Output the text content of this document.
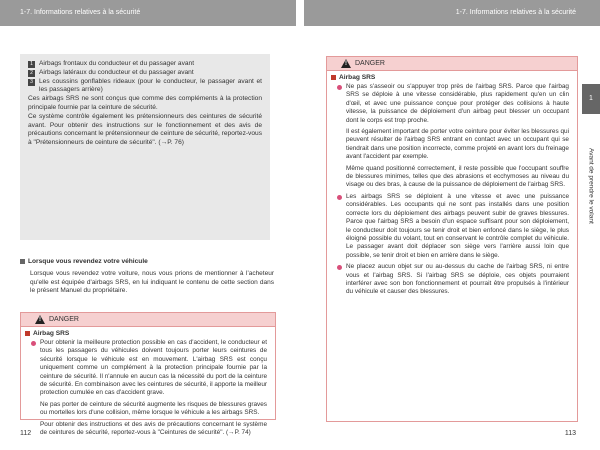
1-7. Informations relatives à la sécurité	1-7. Informations relatives à la sécurité
1 Airbags frontaux du conducteur et du passager avant
2 Airbags latéraux du conducteur et du passager avant
3 Les coussins gonflables rideaux (pour le conducteur, le passager avant et les passagers arrière)

Ces airbags SRS ne sont conçus que comme des compléments à la protection principale fournie par la ceinture de sécurité.

Ce système contrôle également les prétensionneurs des ceintures de sécurité avant. Pour obtenir des instructions sur le fonctionnement et des avis de précautions concernant le prétensionneur de ceinture de sécurité, reportez-vous à "Prétensionneurs de ceinture de sécurité". (→P. 76)

Lorsque vous revendez votre véhicule

Lorsque vous revendez votre voiture, nous vous prions de mentionner à l'acheteur qu'elle est équipée d'airbags SRS, en lui indiquant le contenu de cette section dans le présent Manuel du propriétaire.

!
DANGER
Airbag SRS
Pour obtenir la meilleure protection possible en cas d'accident, le conducteur et tous les passagers du véhicules doivent toujours porter leurs ceintures de sécurité lorsque le véhicule est en mouvement. L'airbag SRS est conçu uniquement comme un complément à la protection principale fournie par la ceinture de sécurité. Il n'annule en aucun cas la nécessité du port de la ceinture de sécurité. En combinaison avec les ceintures de sécurité, il apporte la meilleur protection cumulée en cas d'accident grave.

Ne pas porter de ceinture de sécurité augmente les risques de blessures graves ou mortelles lors d'une collision, même lorsque le véhicule a les airbags SRS.

Pour obtenir des instructions et des avis de précautions concernant le système de ceintures de sécurité, reportez-vous à "Ceintures de sécurité". (→P. 74)

112
!
DANGER
Airbag SRS
Ne pas s'asseoir ou s'appuyer trop près de l'airbag SRS. Parce que l'airbag SRS se déploie à une vitesse considérable, plus rapidement qu'en un clin d'œil, et avec une puissance conçue pour protéger des collisions à haute vitesse, la puissance de déploiement d'un airbag peut blesser un occupant dont le corps est trop proche.

Il est également important de porter votre ceinture pour éviter les blessures qui peuvent résulter de l'airbag SRS entrant en contact avec un occupant qui se tiendrait dans une position incorrecte, comme projeté en avant lors du freinage avant l'accident par exemple.

Même quand positionné correctement, il reste possible que l'occupant souffre de blessures minimes, telles que des abrasions et ecchymoses au niveau du visage ou des bras, à cause de la puissance de déploiement de l'airbag SRS.

Les airbags SRS se déploient à une vitesse et avec une puissance considérables. Les occupants qui ne sont pas installés dans une position correcte lors du déploiement des airbags peuvent subir de graves blessures. Parce que l'airbag SRS a besoin d'un espace suffisant pour son déploiement, le conducteur doit toujours se tenir droit et bien enfoncé dans le siège, le plus éloigné possible du volant, tout en conservant le contrôle complet du véhicule. Le passager avant doit déplacer son siège vers l'arrière aussi loin que possible, se tenir droit et bien en arrière dans le siège.
Ne placez aucun objet sur ou au-dessus du cache de l'airbag SRS, ni entre vous et l'airbag SRS. Si l'airbag SRS se déploie, ces objets pourraient interférer avec son bon fonctionnement et pourrait être propulsés à l'intérieur du véhicule et causer des blessures.
113
1
Avant de prendre le volant
